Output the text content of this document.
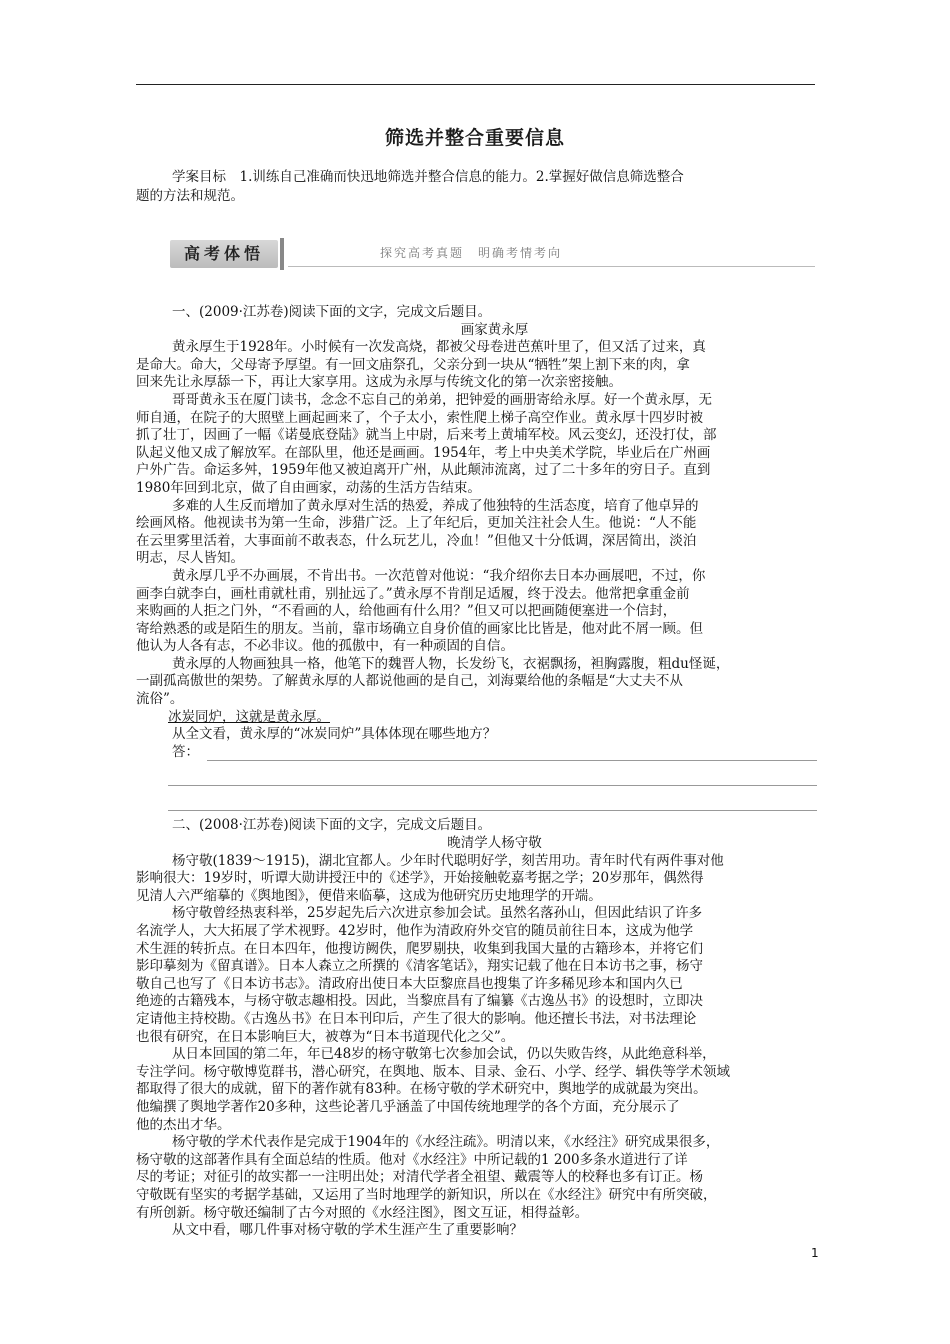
筛选并整合重要信息
学案目标　1.训练自己准确而快迅地筛选并整合信息的能力。2.掌握好做信息筛选整合
题的方法和规范。
高考体悟	探究高考真题　明确考情考向

一、(2009·江苏卷)阅读下面的文字，完成文后题目。

画家黄永厚

黄永厚生于1928年。小时候有一次发高烧，都被父母卷进芭蕉叶里了，但又活了过来，真

是命大。命大，父母寄予厚望。有一回文庙祭孔，父亲分到一块从“牺牲”架上割下来的肉，拿

回来先让永厚舔一下，再让大家享用。这成为永厚与传统文化的第一次亲密接触。

哥哥黄永玉在厦门读书，念念不忘自己的弟弟，把钟爱的画册寄给永厚。好一个黄永厚，无

师自通，在院子的大照壁上画起画来了，个子太小，索性爬上梯子高空作业。黄永厚十四岁时被

抓了壮丁，因画了一幅《诺曼底登陆》就当上中尉，后来考上黄埔军校。风云变幻，还没打仗，部

队起义他又成了解放军。在部队里，他还是画画。1954年，考上中央美术学院，毕业后在广州画

户外广告。命运多舛，1959年他又被迫离开广州，从此颠沛流离，过了二十多年的穷日子。直到

1980年回到北京，做了自由画家，动荡的生活方告结束。

多难的人生反而增加了黄永厚对生活的热爱，养成了他独特的生活态度，培育了他卓异的

绘画风格。他视读书为第一生命，涉猎广泛。上了年纪后，更加关注社会人生。他说：“人不能

在云里雾里活着，大事面前不敢表态，什么玩艺儿，冷血！”但他又十分低调，深居简出，淡泊

明志，尽人皆知。

黄永厚几乎不办画展，不肯出书。一次范曾对他说：“我介绍你去日本办画展吧，不过，你

画李白就李白，画杜甫就杜甫，别扯远了。”黄永厚不肯削足适履，终于没去。他常把拿重金前

来购画的人拒之门外，“不看画的人，给他画有什么用？”但又可以把画随便塞进一个信封，

寄给熟悉的或是陌生的朋友。当前，靠市场确立自身价值的画家比比皆是，他对此不屑一顾。但

他认为人各有志，不必非议。他的孤傲中，有一种顽固的自信。

黄永厚的人物画独具一格，他笔下的魏晋人物，长发纷飞，衣裾飘扬，袒胸露腹，粗du怪诞，

一副孤高傲世的架势。了解黄永厚的人都说他画的是自己，刘海粟给他的条幅是“大丈夫不从

流俗”。

冰炭同炉，这就是黄永厚。

从全文看，黄永厚的“冰炭同炉”具体体现在哪些地方？

答：

二、(2008·江苏卷)阅读下面的文字，完成文后题目。

晚清学人杨守敬

杨守敬(1839～1915)，湖北宜都人。少年时代聪明好学，刻苦用功。青年时代有两件事对他

影响很大：19岁时，听谭大勋讲授汪中的《述学》，开始接触乾嘉考据之学；20岁那年，偶然得

见清人六严缩摹的《舆地图》，便借来临摹，这成为他研究历史地理学的开端。

杨守敬曾经热衷科举，25岁起先后六次进京参加会试。虽然名落孙山，但因此结识了许多

名流学人，大大拓展了学术视野。42岁时，他作为清政府外交官的随员前往日本，这成为他学

术生涯的转折点。在日本四年，他搜访阙佚，爬罗剔抉，收集到我国大量的古籍珍本，并将它们

影印摹刻为《留真谱》。日本人森立之所撰的《清客笔话》，翔实记载了他在日本访书之事，杨守

敬自己也写了《日本访书志》。清政府出使日本大臣黎庶昌也搜集了许多稀见珍本和国内久已

绝迹的古籍残本，与杨守敬志趣相投。因此，当黎庶昌有了编纂《古逸丛书》的设想时，立即决

定请他主持校勘。《古逸丛书》在日本刊印后，产生了很大的影响。他还擅长书法，对书法理论

也很有研究，在日本影响巨大，被尊为“日本书道现代化之父”。

从日本回国的第二年，年已48岁的杨守敬第七次参加会试，仍以失败告终，从此绝意科举，

专注学问。杨守敬博览群书，潜心研究，在舆地、版本、目录、金石、小学、经学、辑佚等学术领域

都取得了很大的成就，留下的著作就有83种。在杨守敬的学术研究中，舆地学的成就最为突出。

他编撰了舆地学著作20多种，这些论著几乎涵盖了中国传统地理学的各个方面，充分展示了

他的杰出才华。

杨守敬的学术代表作是完成于1904年的《水经注疏》。明清以来，《水经注》研究成果很多，

杨守敬的这部著作具有全面总结的性质。他对《水经注》中所记载的1 200多条水道进行了详

尽的考证；对征引的故实都一一注明出处；对清代学者全祖望、戴震等人的校释也多有订正。杨

守敬既有坚实的考据学基础，又运用了当时地理学的新知识，所以在《水经注》研究中有所突破，

有所创新。杨守敬还编制了古今对照的《水经注图》，图文互证，相得益彰。

从文中看，哪几件事对杨守敬的学术生涯产生了重要影响？

1
